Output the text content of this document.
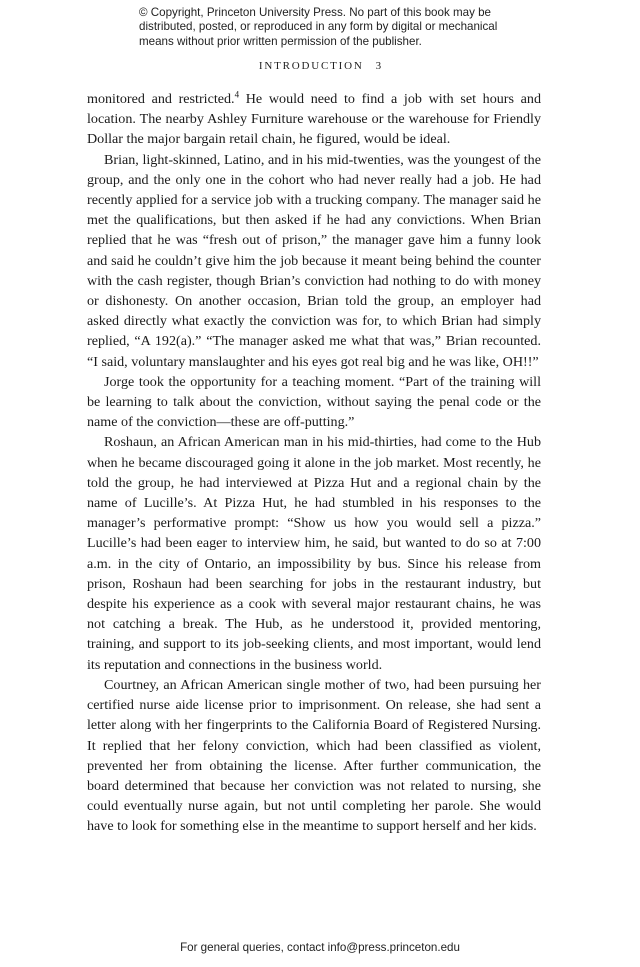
© Copyright, Princeton University Press. No part of this book may be
distributed, posted, or reproduced in any form by digital or mechanical
means without prior written permission of the publisher.
INTRODUCTION 3

monitored and restricted.$^4$ He would need to find a job with set hours and location. The nearby Ashley Furniture warehouse or the warehouse for Friendly Dollar the major bargain retail chain, he figured, would be ideal.

Brian, light-skinned, Latino, and in his mid-twenties, was the youngest of the group, and the only one in the cohort who had never really had a job. He had recently applied for a service job with a trucking company. The manager said he met the qualifications, but then asked if he had any convictions. When Brian replied that he was “fresh out of prison,” the manager gave him a funny look and said he couldn’t give him the job because it meant being behind the counter with the cash register, though Brian’s conviction had nothing to do with money or dishonesty. On another occasion, Brian told the group, an employer had asked directly what exactly the conviction was for, to which Brian had simply replied, “A 192(a).” “The manager asked me what that was,” Brian recounted. “I said, voluntary manslaughter and his eyes got real big and he was like, OH!!”

Jorge took the opportunity for a teaching moment. “Part of the training will be learning to talk about the conviction, without saying the penal code or the name of the conviction—these are off-putting.”

Roshaun, an African American man in his mid-thirties, had come to the Hub when he became discouraged going it alone in the job market. Most recently, he told the group, he had interviewed at Pizza Hut and a regional chain by the name of Lucille’s. At Pizza Hut, he had stumbled in his responses to the manager’s performative prompt: “Show us how you would sell a pizza.” Lucille’s had been eager to interview him, he said, but wanted to do so at 7:00 a.m. in the city of Ontario, an impossibility by bus. Since his release from prison, Roshaun had been searching for jobs in the restaurant industry, but despite his experience as a cook with several major restaurant chains, he was not catching a break. The Hub, as he understood it, provided mentoring, training, and support to its job-seeking clients, and most important, would lend its reputation and connections in the business world.

Courtney, an African American single mother of two, had been pursuing her certified nurse aide license prior to imprisonment. On release, she had sent a letter along with her fingerprints to the California Board of Registered Nursing. It replied that her felony conviction, which had been classified as violent, prevented her from obtaining the license. After further communication, the board determined that because her conviction was not related to nursing, she could eventually nurse again, but not until completing her parole. She would have to look for something else in the meantime to support herself and her kids.

For general queries, contact info@press.princeton.edu
